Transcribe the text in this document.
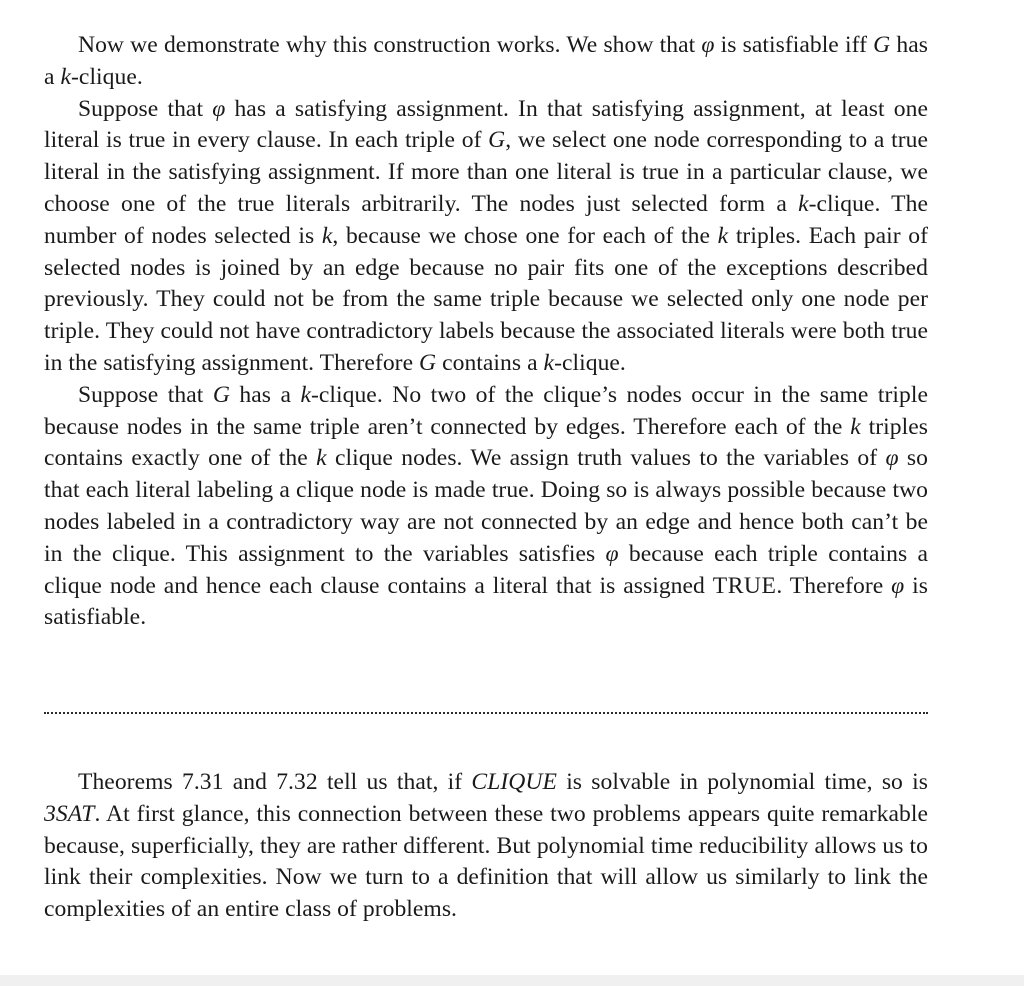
Now we demonstrate why this construction works. We show that φ is satisfiable iff G has a k-clique.

Suppose that φ has a satisfying assignment. In that satisfying assignment, at least one literal is true in every clause. In each triple of G, we select one node corresponding to a true literal in the satisfying assignment. If more than one literal is true in a particular clause, we choose one of the true literals arbitrarily. The nodes just selected form a k-clique. The number of nodes selected is k, because we chose one for each of the k triples. Each pair of selected nodes is joined by an edge because no pair fits one of the exceptions described previously. They could not be from the same triple because we selected only one node per triple. They could not have contradictory labels because the associated literals were both true in the satisfying assignment. Therefore G contains a k-clique.

Suppose that G has a k-clique. No two of the clique’s nodes occur in the same triple because nodes in the same triple aren’t connected by edges. Therefore each of the k triples contains exactly one of the k clique nodes. We assign truth values to the variables of φ so that each literal labeling a clique node is made true. Doing so is always possible because two nodes labeled in a contradictory way are not connected by an edge and hence both can’t be in the clique. This assignment to the variables satisfies φ because each triple contains a clique node and hence each clause contains a literal that is assigned TRUE. Therefore φ is satisfiable.

Theorems 7.31 and 7.32 tell us that, if CLIQUE is solvable in polynomial time, so is 3SAT. At first glance, this connection between these two problems appears quite remarkable because, superficially, they are rather different. But polynomial time reducibility allows us to link their complexities. Now we turn to a definition that will allow us similarly to link the complexities of an entire class of problems.
